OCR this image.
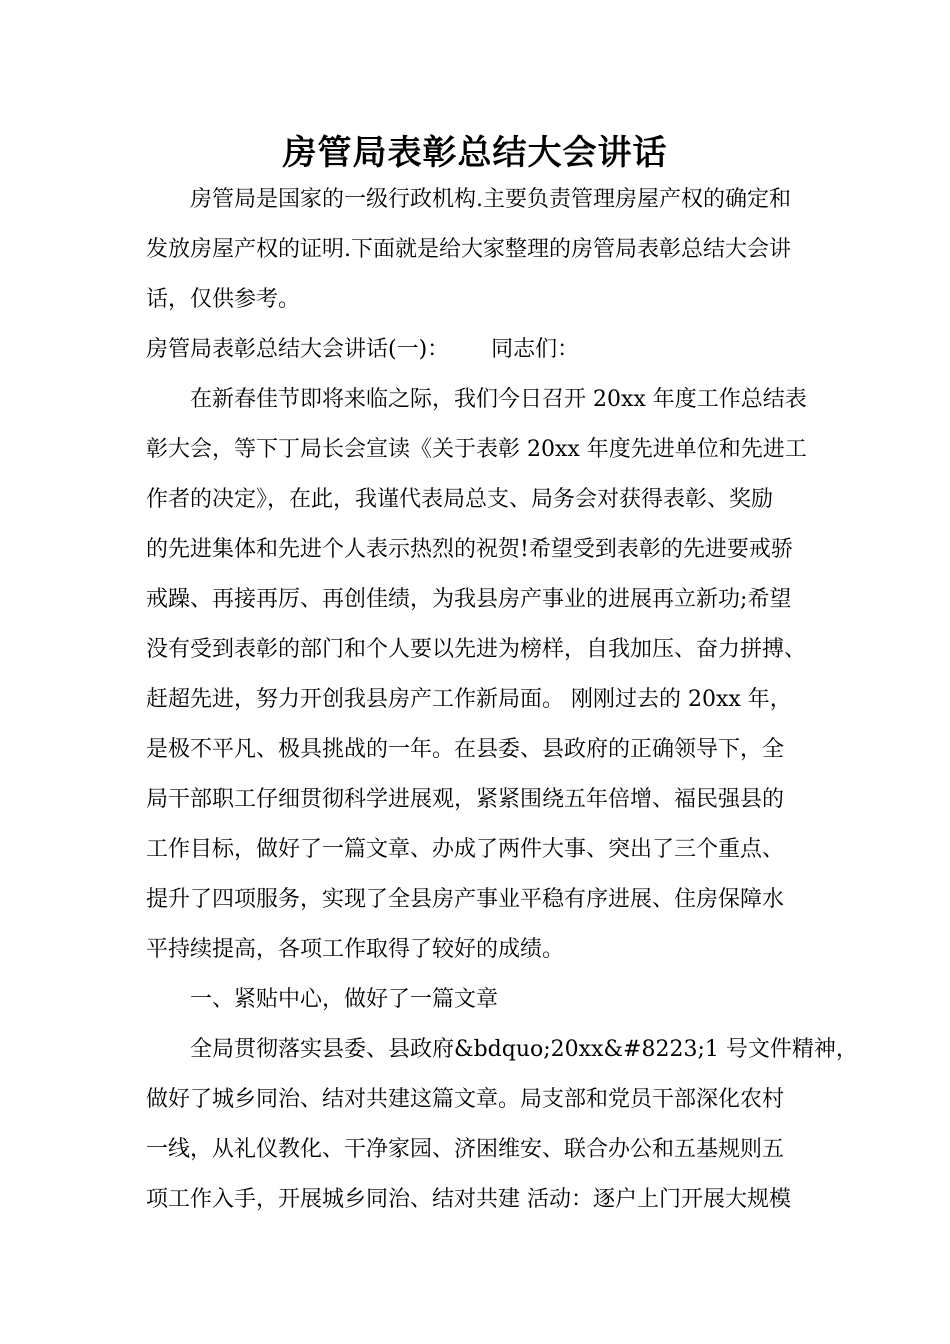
房管局表彰总结大会讲话
房管局是国家的一级行政机构.主要负责管理房屋产权的确定和
发放房屋产权的证明.下面就是给大家整理的房管局表彰总结大会讲
话，仅供参考。
房管局表彰总结大会讲话(一)：      同志们：
在新春佳节即将来临之际，我们今日召开 20xx 年度工作总结表
彰大会，等下丁局长会宣读《关于表彰 20xx 年度先进单位和先进工
作者的决定》，在此，我谨代表局总支、局务会对获得表彰、奖励
的先进集体和先进个人表示热烈的祝贺!希望受到表彰的先进要戒骄
戒躁、再接再厉、再创佳绩，为我县房产事业的进展再立新功;希望
没有受到表彰的部门和个人要以先进为榜样，自我加压、奋力拼搏、
赶超先进，努力开创我县房产工作新局面。 刚刚过去的 20xx 年，
是极不平凡、极具挑战的一年。在县委、县政府的正确领导下，全
局干部职工仔细贯彻科学进展观，紧紧围绕五年倍增、福民强县的
工作目标，做好了一篇文章、办成了两件大事、突出了三个重点、
提升了四项服务，实现了全县房产事业平稳有序进展、住房保障水
平持续提高，各项工作取得了较好的成绩。
一、紧贴中心，做好了一篇文章
全局贯彻落实县委、县政府&bdquo;20xx&#8223;1 号文件精神，
做好了城乡同治、结对共建这篇文章。局支部和党员干部深化农村
一线，从礼仪教化、干净家园、济困维安、联合办公和五基规则五
项工作入手，开展城乡同治、结对共建 活动：逐户上门开展大规模
